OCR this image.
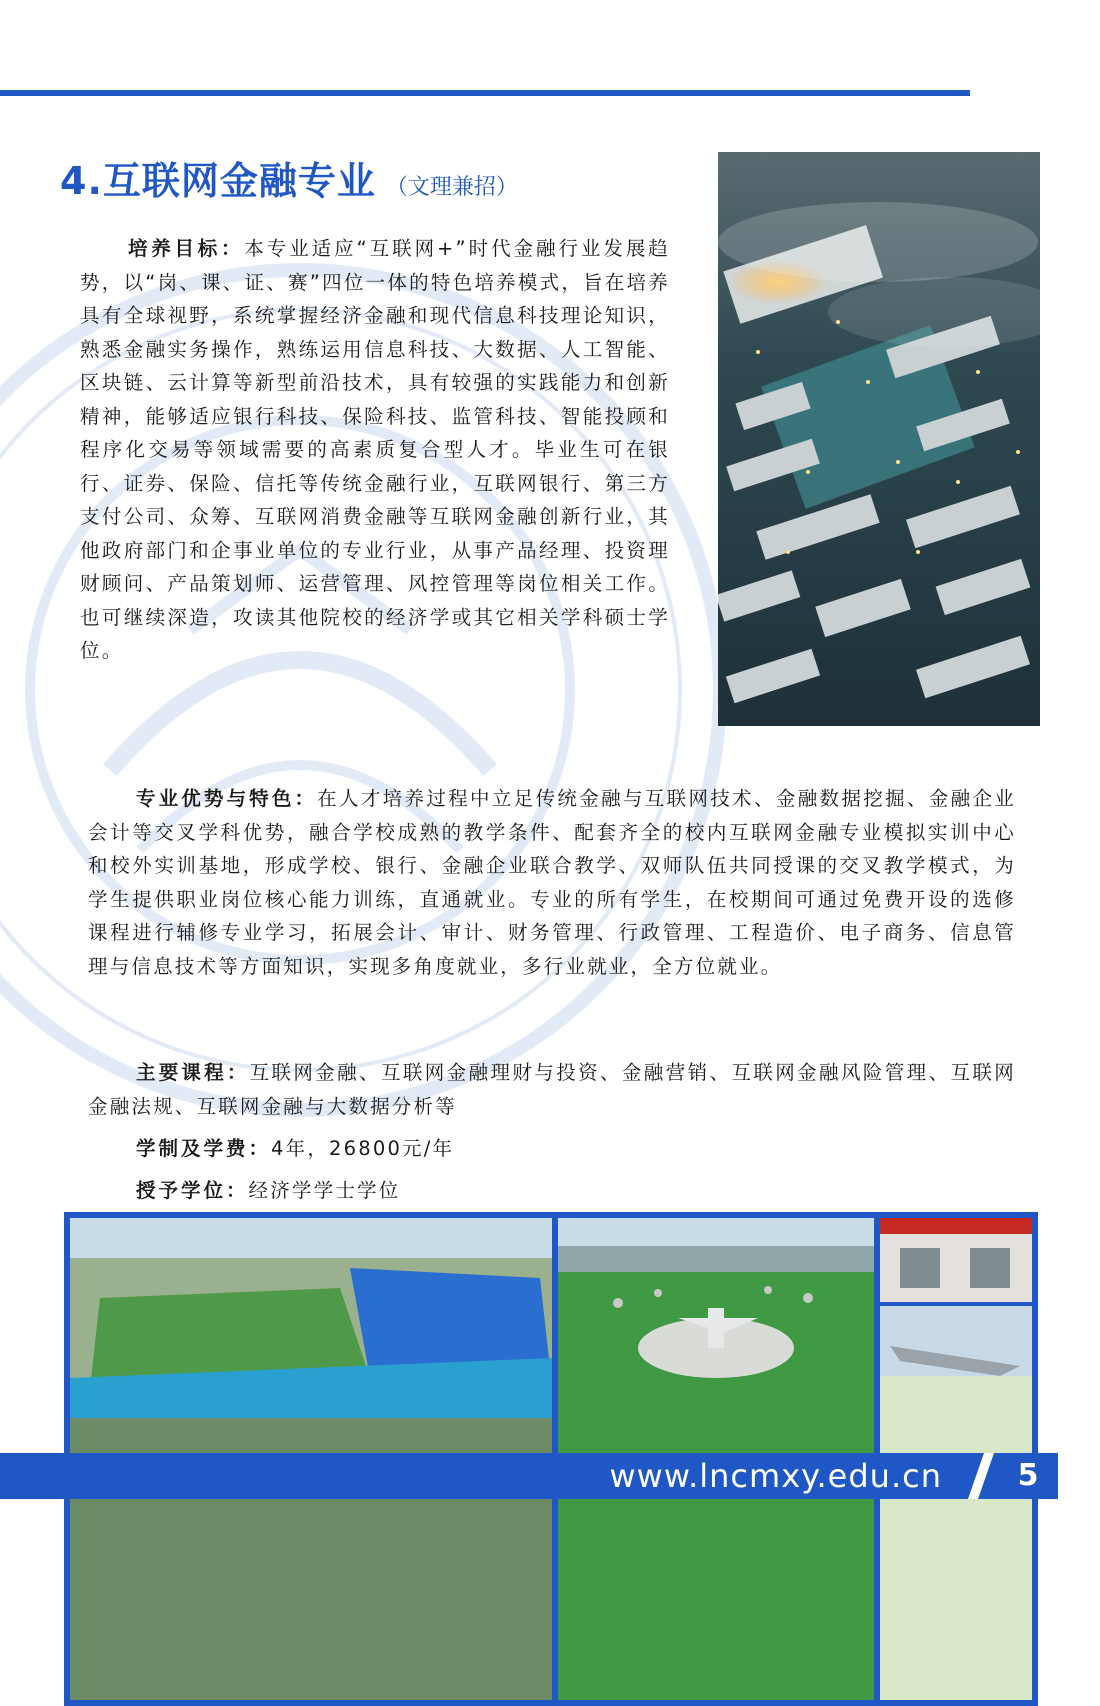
4.互联网金融专业 （文理兼招）
培养目标：本专业适应“互联网+”时代金融行业发展趋势，以“岗、课、证、赛”四位一体的特色培养模式，旨在培养具有全球视野，系统掌握经济金融和现代信息科技理论知识，熟悉金融实务操作，熟练运用信息科技、大数据、人工智能、区块链、云计算等新型前沿技术，具有较强的实践能力和创新精神，能够适应银行科技、保险科技、监管科技、智能投顾和程序化交易等领域需要的高素质复合型人才。毕业生可在银行、证券、保险、信托等传统金融行业，互联网银行、第三方支付公司、众筹、互联网消费金融等互联网金融创新行业，其他政府部门和企事业单位的专业行业，从事产品经理、投资理财顾问、产品策划师、运营管理、风控管理等岗位相关工作。也可继续深造，攻读其他院校的经济学或其它相关学科硕士学位。
专业优势与特色：在人才培养过程中立足传统金融与互联网技术、金融数据挖掘、金融企业会计等交叉学科优势，融合学校成熟的教学条件、配套齐全的校内互联网金融专业模拟实训中心和校外实训基地，形成学校、银行、金融企业联合教学、双师队伍共同授课的交叉教学模式，为学生提供职业岗位核心能力训练，直通就业。专业的所有学生，在校期间可通过免费开设的选修课程进行辅修专业学习，拓展会计、审计、财务管理、行政管理、工程造价、电子商务、信息管理与信息技术等方面知识，实现多角度就业，多行业就业，全方位就业。
主要课程：互联网金融、互联网金融理财与投资、金融营销、互联网金融风险管理、互联网金融法规、互联网金融与大数据分析等
学制及学费：4年，26800元/年
授予学位：经济学学士学位
www.lncmxy.edu.cn	5
